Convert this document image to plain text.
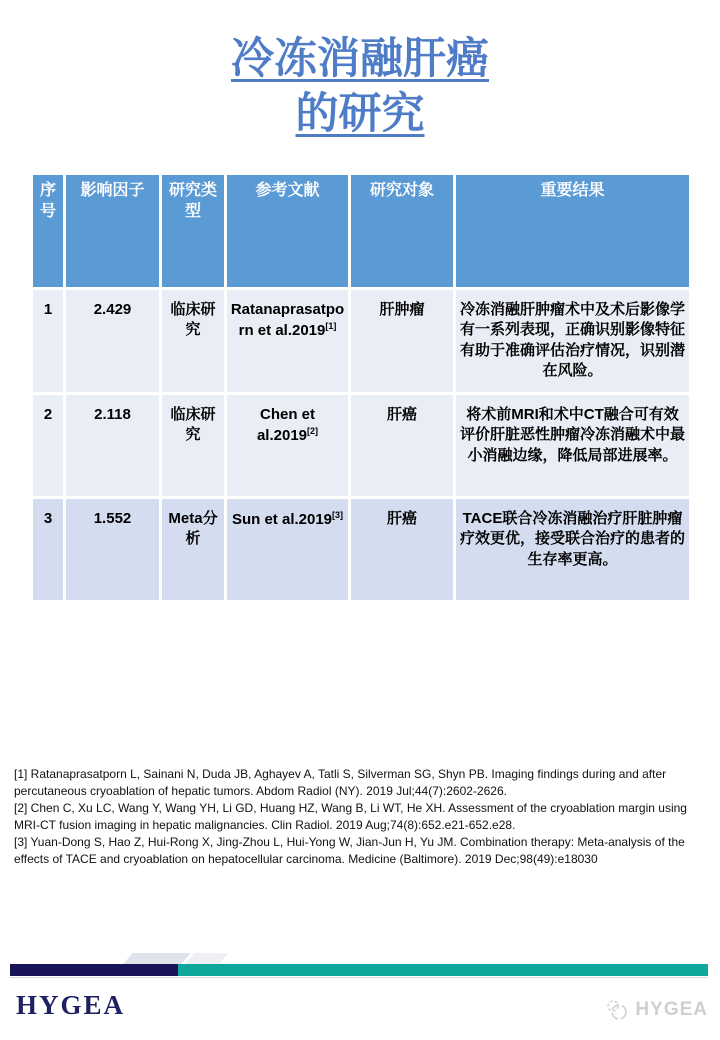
冷冻消融肝癌
的研究
序号	影响因子	研究类型	参考文献	研究对象	重要结果
1	2.429	临床研究	Ratanaprasatporn et al.2019[1]	肝肿瘤	冷冻消融肝肿瘤术中及术后影像学有一系列表现，正确识别影像特征有助于准确评估治疗情况，识别潜在风险。
2	2.118	临床研究	Chen et al.2019[2]	肝癌	将术前MRI和术中CT融合可有效评价肝脏恶性肿瘤冷冻消融术中最小消融边缘，降低局部进展率。
3	1.552	Meta分析	Sun et al.2019[3]	肝癌	TACE联合冷冻消融治疗肝脏肿瘤疗效更优，接受联合治疗的患者的生存率更高。

[1] Ratanaprasatporn L, Sainani N, Duda JB, Aghayev A, Tatli S, Silverman SG, Shyn PB. Imaging findings during and after percutaneous cryoablation of hepatic tumors. Abdom Radiol (NY). 2019 Jul;44(7):2602-2626.

[2] Chen C, Xu LC, Wang Y, Wang YH, Li GD, Huang HZ, Wang B, Li WT, He XH. Assessment of the cryoablation margin using MRI-CT fusion imaging in hepatic malignancies. Clin Radiol. 2019 Aug;74(8):652.e21-652.e28.

[3] Yuan-Dong S, Hao Z, Hui-Rong X, Jing-Zhou L, Hui-Yong W, Jian-Jun H, Yu JM. Combination therapy: Meta-analysis of the effects of TACE and cryoablation on hepatocellular carcinoma. Medicine (Baltimore). 2019 Dec;98(49):e18030

HYGEA	HYGEA
